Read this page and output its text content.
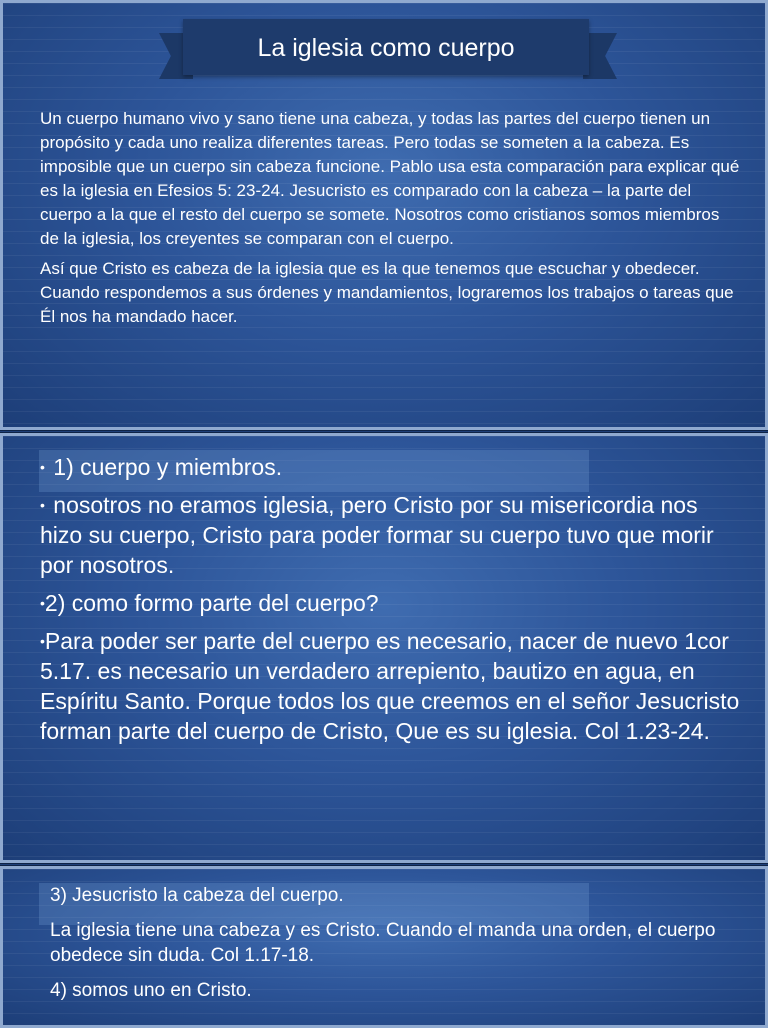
La iglesia como cuerpo

Un cuerpo humano vivo y sano tiene una cabeza, y todas las partes del cuerpo tienen un propósito y cada uno realiza diferentes tareas. Pero todas se someten a la cabeza. Es imposible que un cuerpo sin cabeza funcione. Pablo usa esta comparación para explicar qué es la iglesia en Efesios 5: 23-24. Jesucristo es comparado con la cabeza – la parte del cuerpo a la que el resto del cuerpo se somete. Nosotros como cristianos somos miembros de la iglesia, los creyentes se comparan con el cuerpo.

Así que Cristo es cabeza de la iglesia que es la que tenemos que escuchar y obedecer. Cuando respondemos a sus órdenes y mandamientos, lograremos los trabajos o tareas que Él nos ha mandado hacer.

• 1) cuerpo y miembros.

• nosotros no eramos iglesia, pero Cristo por su misericordia nos hizo su cuerpo, Cristo para poder formar su cuerpo tuvo que morir por nosotros.

•2) como formo parte del cuerpo?

•Para poder ser parte del cuerpo es necesario, nacer de nuevo 1cor 5.17. es necesario un verdadero arrepiento, bautizo en agua, en Espíritu Santo. Porque todos los que creemos en el señor Jesucristo forman parte del cuerpo de Cristo, Que es su iglesia. Col 1.23-24.

3) Jesucristo la cabeza del cuerpo.

La iglesia tiene una cabeza y es Cristo. Cuando el manda una orden, el cuerpo obedece sin duda. Col 1.17-18.

4) somos uno en Cristo.
